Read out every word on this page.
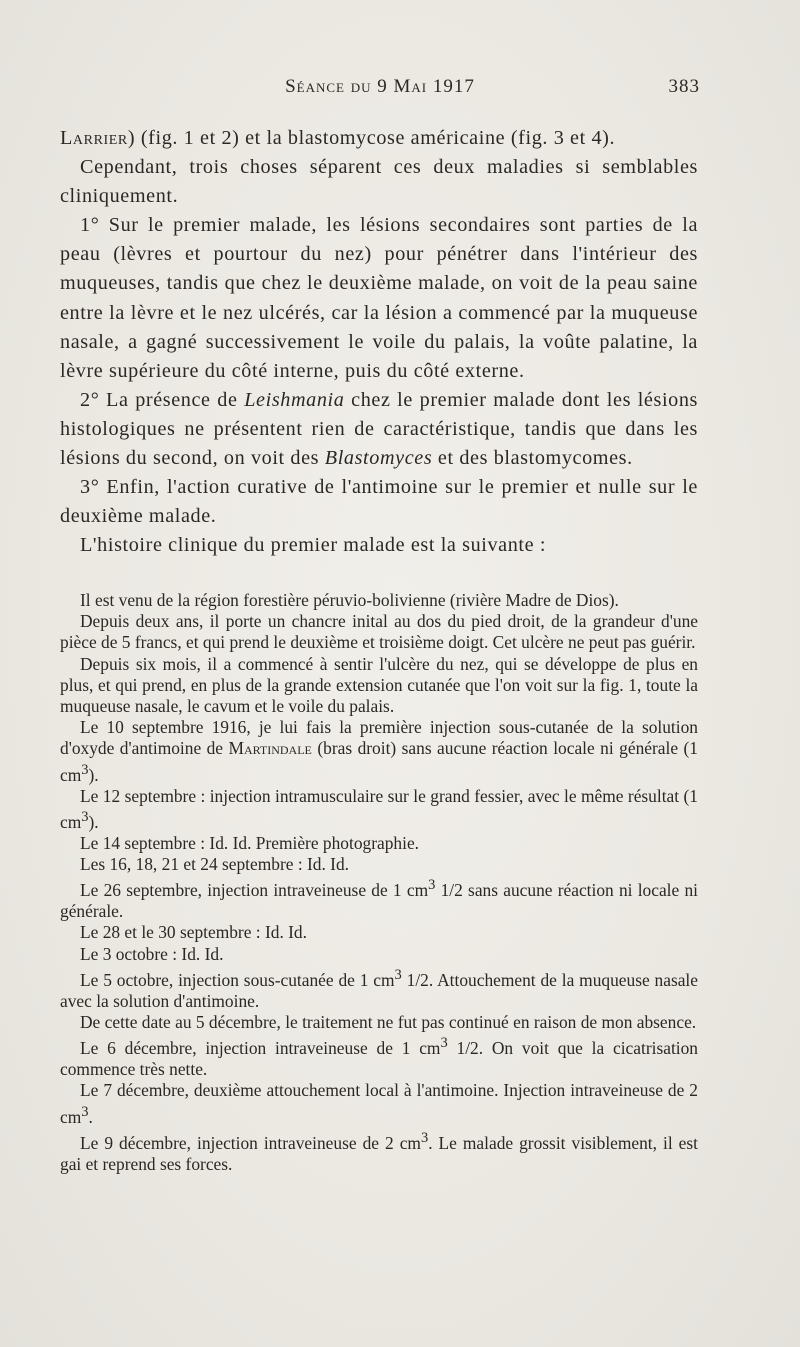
Séance du 9 Mai 1917	383

Larrier) (fig. 1 et 2) et la blastomycose américaine (fig. 3 et 4).

Cependant, trois choses séparent ces deux maladies si semblables cliniquement.

1° Sur le premier malade, les lésions secondaires sont parties de la peau (lèvres et pourtour du nez) pour pénétrer dans l'intérieur des muqueuses, tandis que chez le deuxième malade, on voit de la peau saine entre la lèvre et le nez ulcérés, car la lésion a commencé par la muqueuse nasale, a gagné successivement le voile du palais, la voûte palatine, la lèvre supérieure du côté interne, puis du côté externe.

2° La présence de Leishmania chez le premier malade dont les lésions histologiques ne présentent rien de caractéristique, tandis que dans les lésions du second, on voit des Blastomyces et des blastomycomes.

3° Enfin, l'action curative de l'antimoine sur le premier et nulle sur le deuxième malade.

L'histoire clinique du premier malade est la suivante :

Il est venu de la région forestière péruvio-bolivienne (rivière Madre de Dios).

Depuis deux ans, il porte un chancre inital au dos du pied droit, de la grandeur d'une pièce de 5 francs, et qui prend le deuxième et troisième doigt. Cet ulcère ne peut pas guérir.

Depuis six mois, il a commencé à sentir l'ulcère du nez, qui se développe de plus en plus, et qui prend, en plus de la grande extension cutanée que l'on voit sur la fig. 1, toute la muqueuse nasale, le cavum et le voile du palais.

Le 10 septembre 1916, je lui fais la première injection sous-cutanée de la solution d'oxyde d'antimoine de Martindale (bras droit) sans aucune réaction locale ni générale (1 $cm^3$).

Le 12 septembre : injection intramusculaire sur le grand fessier, avec le même résultat (1 $cm^3$).

Le 14 septembre : Id. Id. Première photographie.

Les 16, 18, 21 et 24 septembre : Id. Id.

Le 26 septembre, injection intraveineuse de 1 $cm^3$ 1/2 sans aucune réaction ni locale ni générale.

Le 28 et le 30 septembre : Id. Id.

Le 3 octobre : Id. Id.

Le 5 octobre, injection sous-cutanée de 1 $cm^3$ 1/2. Attouchement de la muqueuse nasale avec la solution d'antimoine.

De cette date au 5 décembre, le traitement ne fut pas continué en raison de mon absence.

Le 6 décembre, injection intraveineuse de 1 $cm^3$ 1/2. On voit que la cicatrisation commence très nette.

Le 7 décembre, deuxième attouchement local à l'antimoine. Injection intraveineuse de 2 $cm^3$.

Le 9 décembre, injection intraveineuse de 2 $cm^3$. Le malade grossit visiblement, il est gai et reprend ses forces.
